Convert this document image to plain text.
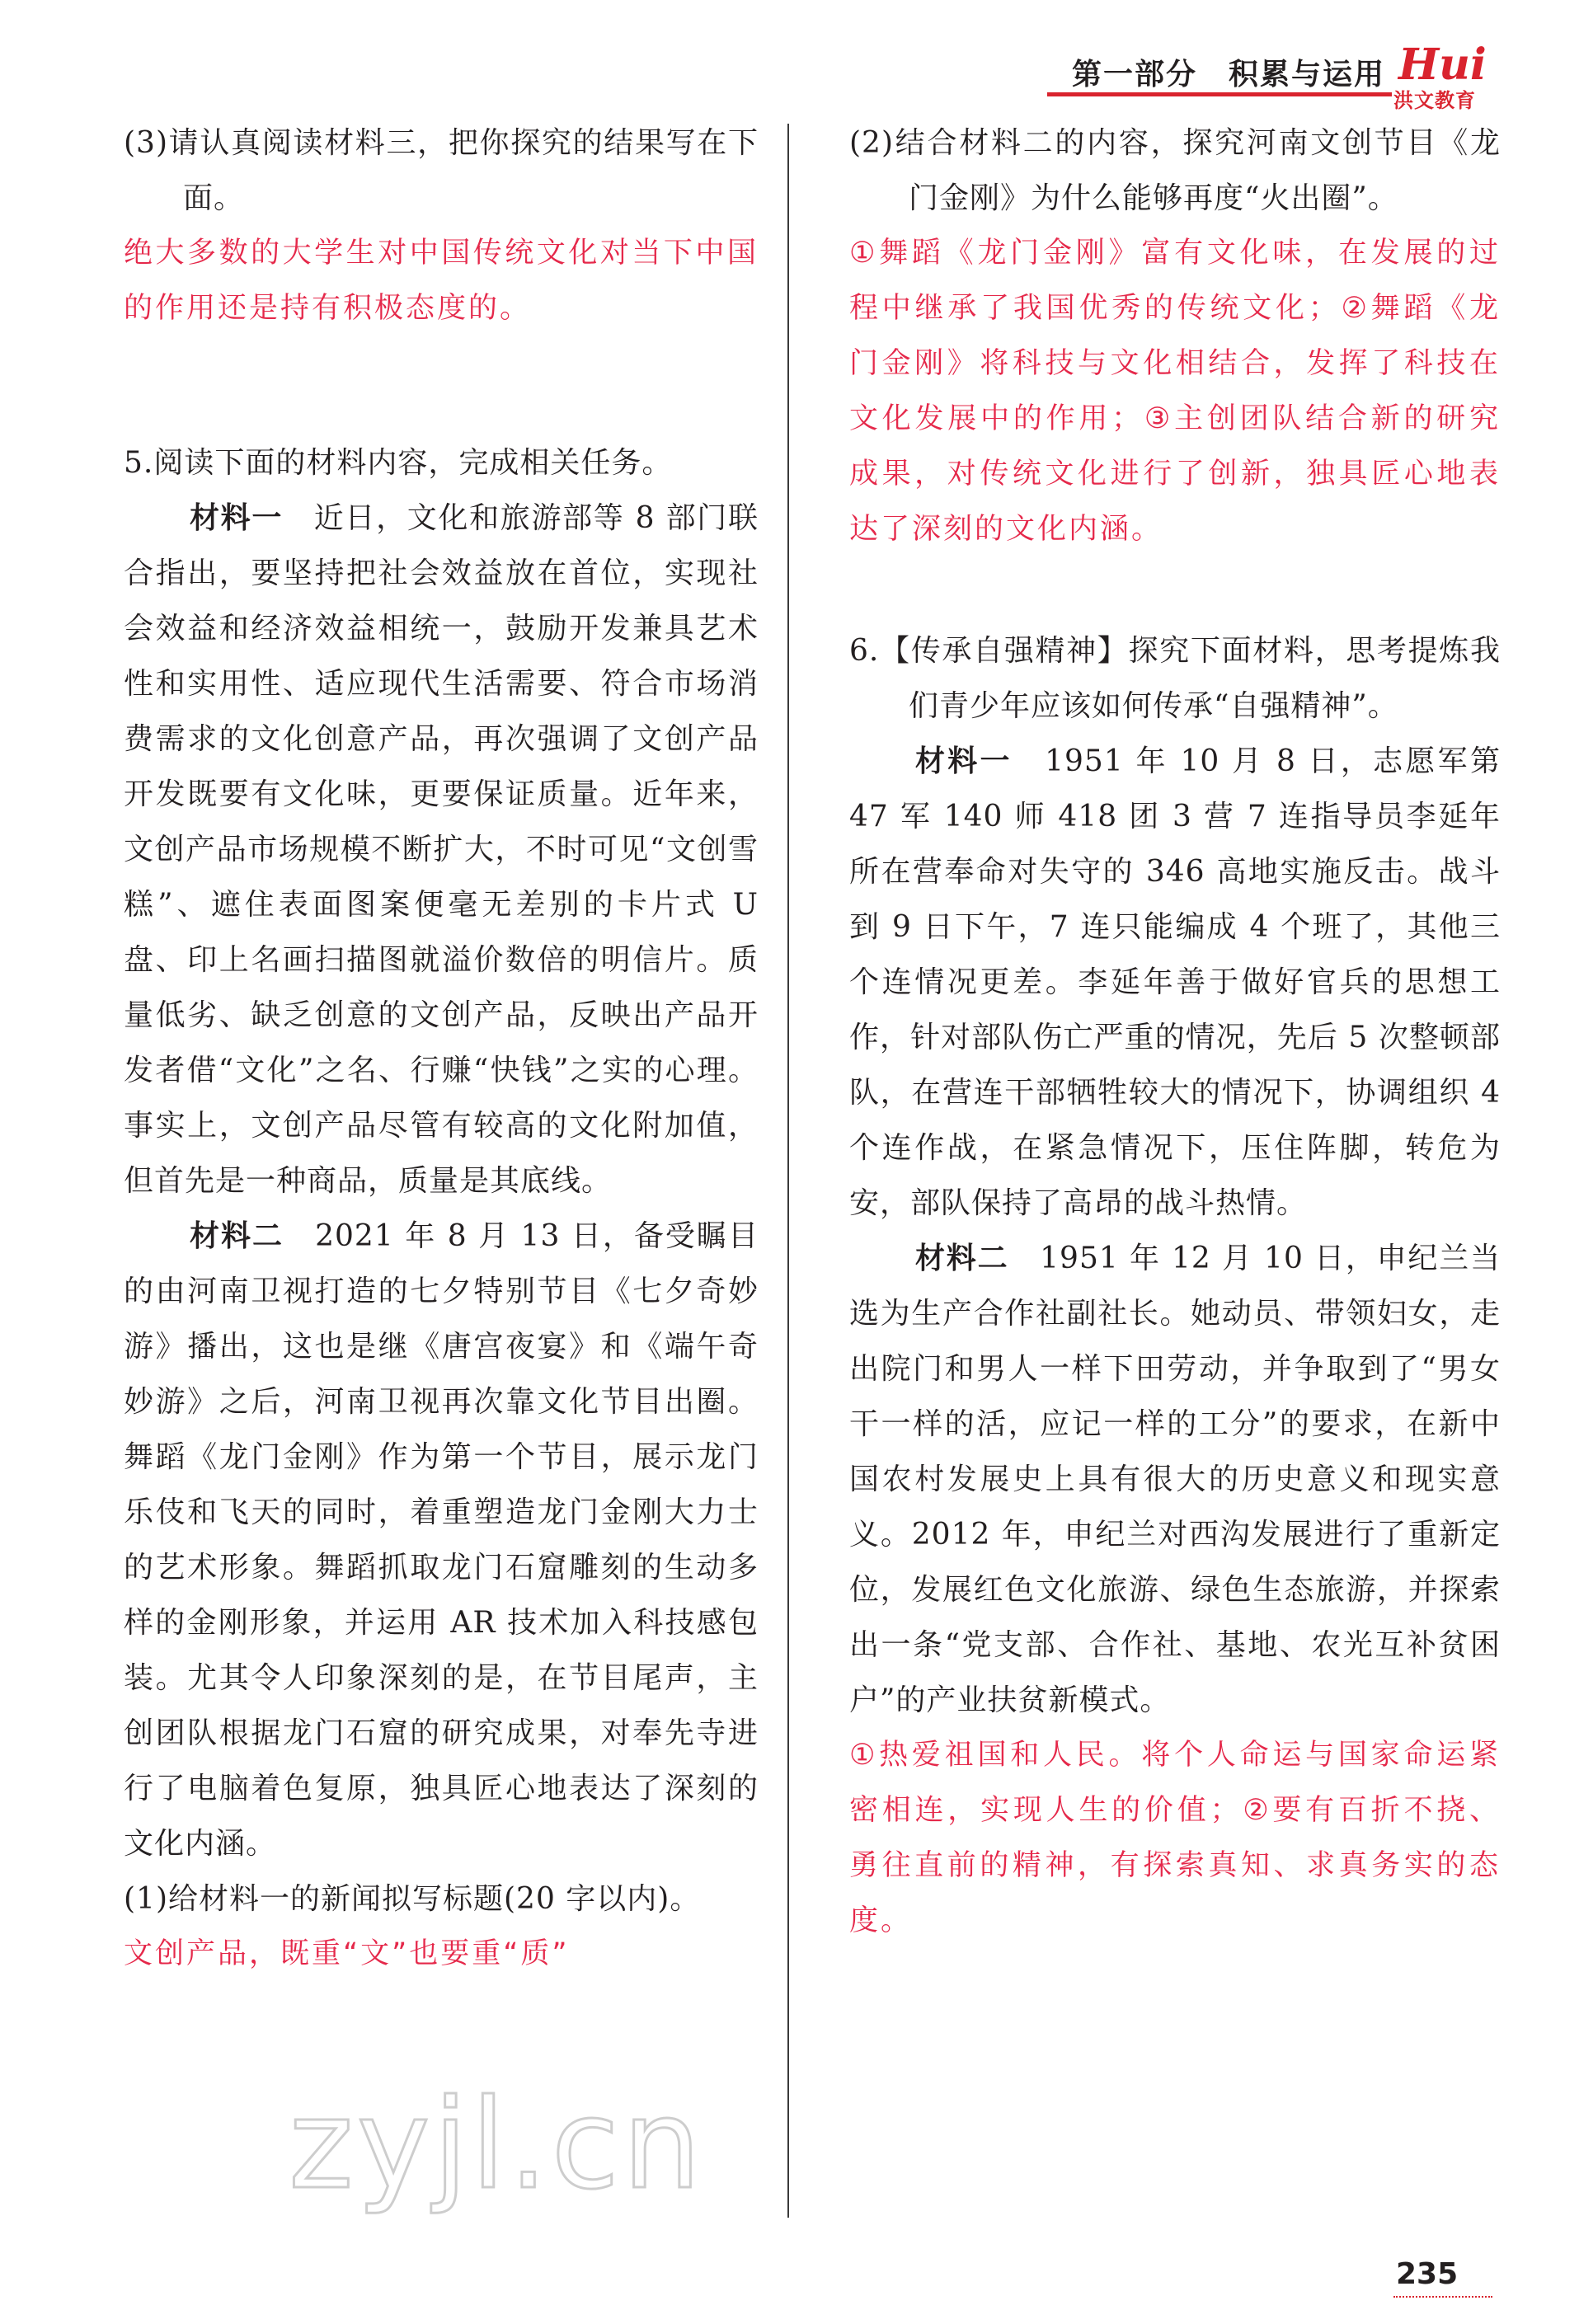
第一部分　积累与运用 Hui
洪文教育

(3)请认真阅读材料三，把你探究的结果写在下面。

绝大多数的大学生对中国传统文化对当下中国的作用还是持有积极态度的。

5.阅读下面的材料内容，完成相关任务。

材料一　 近日，文化和旅游部等 8 部门联合指出，要坚持把社会效益放在首位，实现社会效益和经济效益相统一，鼓励开发兼具艺术性和实用性、适应现代生活需要、符合市场消费需求的文化创意产品，再次强调了文创产品开发既要有文化味，更要保证质量。近年来，文创产品市场规模不断扩大，不时可见“文创雪糕”、遮住表面图案便毫无差别的卡片式 U 盘、印上名画扫描图就溢价数倍的明信片。质量低劣、缺乏创意的文创产品，反映出产品开发者借“文化”之名、行赚“快钱”之实的心理。事实上，文创产品尽管有较高的文化附加值，但首先是一种商品，质量是其底线。

材料二　 2021 年 8 月 13 日，备受瞩目的由河南卫视打造的七夕特别节目《七夕奇妙游》播出，这也是继《唐宫夜宴》和《端午奇妙游》之后，河南卫视再次靠文化节目出圈。舞蹈《龙门金刚》作为第一个节目，展示龙门乐伎和飞天的同时，着重塑造龙门金刚大力士的艺术形象。舞蹈抓取龙门石窟雕刻的生动多样的金刚形象，并运用 AR 技术加入科技感包装。尤其令人印象深刻的是，在节目尾声，主创团队根据龙门石窟的研究成果，对奉先寺进行了电脑着色复原，独具匠心地表达了深刻的文化内涵。

(1)给材料一的新闻拟写标题(20 字以内)。

文创产品，既重“文”也要重“质”

(2)结合材料二的内容，探究河南文创节目《龙门金刚》为什么能够再度“火出圈”。

①舞蹈《龙门金刚》富有文化味，在发展的过程中继承了我国优秀的传统文化；②舞蹈《龙门金刚》将科技与文化相结合，发挥了科技在文化发展中的作用；③主创团队结合新的研究成果，对传统文化进行了创新，独具匠心地表达了深刻的文化内涵。

6.【传承自强精神】探究下面材料，思考提炼我们青少年应该如何传承“自强精神”。

材料一　 1951 年 10 月 8 日，志愿军第 47 军 140 师 418 团 3 营 7 连指导员李延年所在营奉命对失守的 346 高地实施反击。战斗到 9 日下午，7 连只能编成 4 个班了，其他三个连情况更差。李延年善于做好官兵的思想工作，针对部队伤亡严重的情况，先后 5 次整顿部队，在营连干部牺牲较大的情况下，协调组织 4 个连作战，在紧急情况下，压住阵脚，转危为安，部队保持了高昂的战斗热情。

材料二　 1951 年 12 月 10 日，申纪兰当选为生产合作社副社长。她动员、带领妇女，走出院门和男人一样下田劳动，并争取到了“男女干一样的活，应记一样的工分”的要求，在新中国农村发展史上具有很大的历史意义和现实意义。2012 年，申纪兰对西沟发展进行了重新定位，发展红色文化旅游、绿色生态旅游，并探索出一条“党支部、合作社、基地、农光互补贫困户”的产业扶贫新模式。

①热爱祖国和人民。将个人命运与国家命运紧密相连，实现人生的价值；②要有百折不挠、勇往直前的精神，有探索真知、求真务实的态度。

zyjl.cn
235
